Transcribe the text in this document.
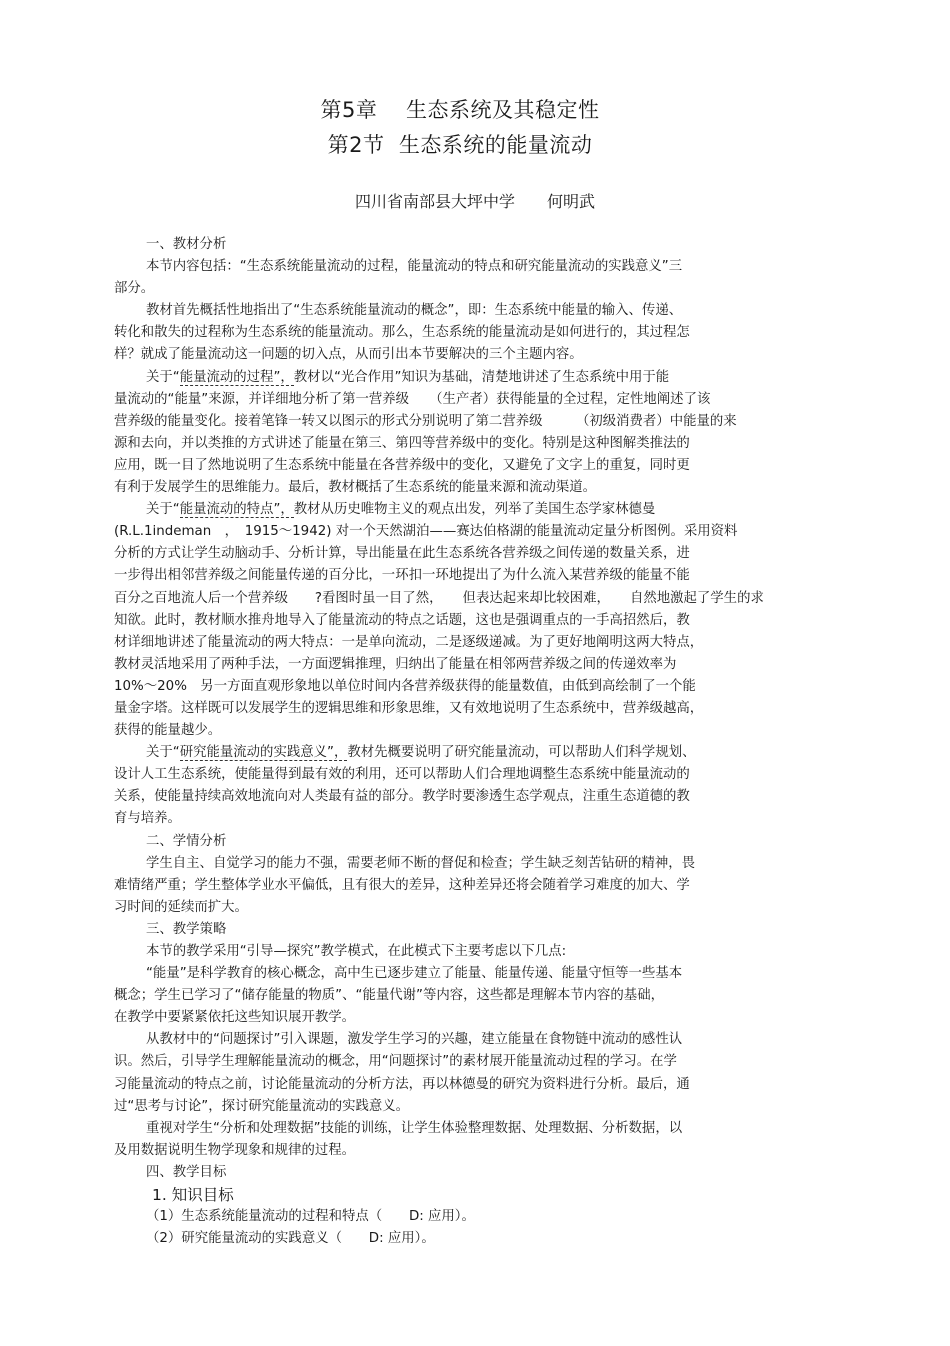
第5章　 生态系统及其稳定性
第2节  生态系统的能量流动
四川省南部县大坪中学　　何明武

一、教材分析

本节内容包括：“生态系统能量流动的过程，能量流动的特点和研究能量流动的实践意义”三

部分。

教材首先概括性地指出了“生态系统能量流动的概念”，即：生态系统中能量的输入、传递、

转化和散失的过程称为生态系统的能量流动。那么，生态系统的能量流动是如何进行的，其过程怎

样？就成了能量流动这一问题的切入点，从而引出本节要解决的三个主题内容。

关于“能量流动的过程”，教材以“光合作用”知识为基础，清楚地讲述了生态系统中用于能

量流动的“能量”来源，并详细地分析了第一营养级　　（生产者）获得能量的全过程，定性地阐述了该

营养级的能量变化。接着笔锋一转又以图示的形式分别说明了第二营养级　　　（初级消费者）中能量的来

源和去向，并以类推的方式讲述了能量在第三、第四等营养级中的变化。特别是这种图解类推法的

应用，既一目了然地说明了生态系统中能量在各营养级中的变化，又避免了文字上的重复，同时更

有利于发展学生的思维能力。最后，教材概括了生态系统的能量来源和流动渠道。

关于“能量流动的特点”，教材从历史唯物主义的观点出发，列举了美国生态学家林德曼

(R.L.1indeman　，　1915～1942) 对一个天然湖泊——赛达伯格湖的能量流动定量分析图例。采用资料

分析的方式让学生动脑动手、分析计算，导出能量在此生态系统各营养级之间传递的数量关系，进

一步得出相邻营养级之间能量传递的百分比，一环扣一环地提出了为什么流入某营养级的能量不能

百分之百地流人后一个营养级　　?看图时虽一目了然，　　但表达起来却比较困难，　　自然地激起了学生的求

知欲。此时，教材顺水推舟地导入了能量流动的特点之话题，这也是强调重点的一手高招然后，教

材详细地讲述了能量流动的两大特点：一是单向流动，二是逐级递减。为了更好地阐明这两大特点，

教材灵活地采用了两种手法，一方面逻辑推理，归纳出了能量在相邻两营养级之间的传递效率为

10%～20%　另一方面直观形象地以单位时间内各营养级获得的能量数值，由低到高绘制了一个能

量金字塔。这样既可以发展学生的逻辑思维和形象思维，又有效地说明了生态系统中，营养级越高，

获得的能量越少。

关于“研究能量流动的实践意义”，教材先概要说明了研究能量流动，可以帮助人们科学规划、

设计人工生态系统，使能量得到最有效的利用，还可以帮助人们合理地调整生态系统中能量流动的

关系，使能量持续高效地流向对人类最有益的部分。教学时要渗透生态学观点，注重生态道德的教

育与培养。

二、学情分析

学生自主、自觉学习的能力不强，需要老师不断的督促和检查；学生缺乏刻苦钻研的精神，畏

难情绪严重；学生整体学业水平偏低，且有很大的差异，这种差异还将会随着学习难度的加大、学

习时间的延续而扩大。

三、教学策略

本节的教学采用“引导—探究”教学模式，在此模式下主要考虑以下几点:

“能量”是科学教育的核心概念，高中生已逐步建立了能量、能量传递、能量守恒等一些基本

概念；学生已学习了“储存能量的物质”、“能量代谢”等内容，这些都是理解本节内容的基础，

在教学中要紧紧依托这些知识展开教学。

从教材中的“问题探讨”引入课题，激发学生学习的兴趣，建立能量在食物链中流动的感性认

识。然后，引导学生理解能量流动的概念，用“问题探讨”的素材展开能量流动过程的学习。在学

习能量流动的特点之前，讨论能量流动的分析方法，再以林德曼的研究为资料进行分析。最后，通

过“思考与讨论”，探讨研究能量流动的实践意义。

重视对学生“分析和处理数据”技能的训练，让学生体验整理数据、处理数据、分析数据，以

及用数据说明生物学现象和规律的过程。

四、教学目标

1. 知识目标

（1）生态系统能量流动的过程和特点（　　D: 应用）。

（2）研究能量流动的实践意义（　　D: 应用）。
